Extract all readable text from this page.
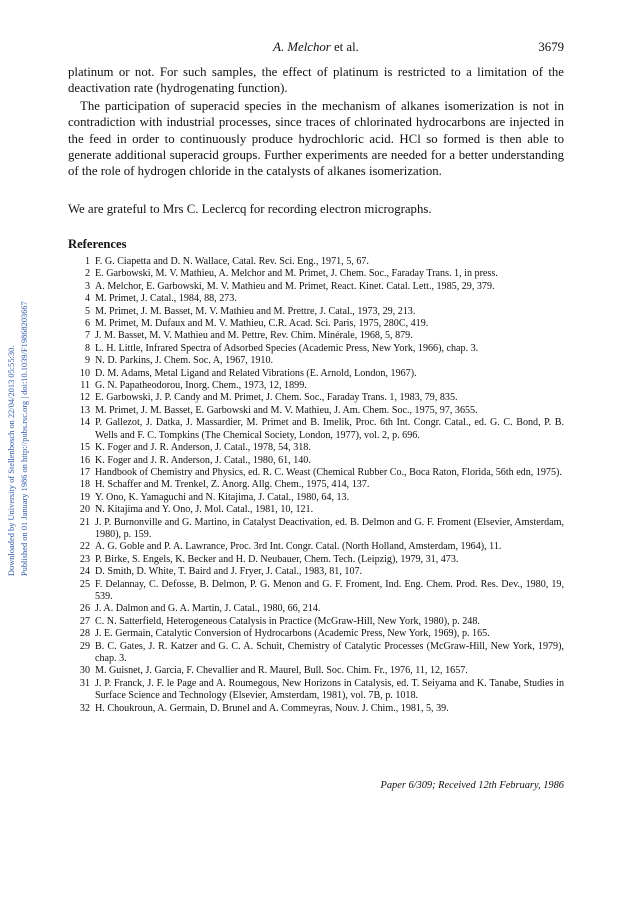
Downloaded by University of Stellenbosch on 22/04/2013 05:55:30. Published on 01 January 1986 on http://pubs.rsc.org | doi:10.1039/F19868203667
A. Melchor et al.	3679
platinum or not. For such samples, the effect of platinum is restricted to a limitation of the deactivation rate (hydrogenating function).
The participation of superacid species in the mechanism of alkanes isomerization is not in contradiction with industrial processes, since traces of chlorinated hydrocarbons are injected in the feed in order to continuously produce hydrochloric acid. HCl so formed is then able to generate additional superacid groups. Further experiments are needed for a better understanding of the role of hydrogen chloride in the catalysts of alkanes isomerization.
We are grateful to Mrs C. Leclercq for recording electron micrographs.
References
1 F. G. Ciapetta and D. N. Wallace, Catal. Rev. Sci. Eng., 1971, 5, 67.
2 E. Garbowski, M. V. Mathieu, A. Melchor and M. Primet, J. Chem. Soc., Faraday Trans. 1, in press.
3 A. Melchor, E. Garbowski, M. V. Mathieu and M. Primet, React. Kinet. Catal. Lett., 1985, 29, 379.
4 M. Primet, J. Catal., 1984, 88, 273.
5 M. Primet, J. M. Basset, M. V. Mathieu and M. Prettre, J. Catal., 1973, 29, 213.
6 M. Primet, M. Dufaux and M. V. Mathieu, C.R. Acad. Sci. Paris, 1975, 280C, 419.
7 J. M. Basset, M. V. Mathieu and M. Pettre, Rev. Chim. Minérale, 1968, 5, 879.
8 L. H. Little, Infrared Spectra of Adsorbed Species (Academic Press, New York, 1966), chap. 3.
9 N. D. Parkins, J. Chem. Soc. A, 1967, 1910.
10 D. M. Adams, Metal Ligand and Related Vibrations (E. Arnold, London, 1967).
11 G. N. Papatheodorou, Inorg. Chem., 1973, 12, 1899.
12 E. Garbowski, J. P. Candy and M. Primet, J. Chem. Soc., Faraday Trans. 1, 1983, 79, 835.
13 M. Primet, J. M. Basset, E. Garbowski and M. V. Mathieu, J. Am. Chem. Soc., 1975, 97, 3655.
14 P. Gallezot, J. Datka, J. Massardier, M. Primet and B. Imelik, Proc. 6th Int. Congr. Catal., ed. G. C. Bond, P. B. Wells and F. C. Tompkins (The Chemical Society, London, 1977), vol. 2, p. 696.
15 K. Foger and J. R. Anderson, J. Catal., 1978, 54, 318.
16 K. Foger and J. R. Anderson, J. Catal., 1980, 61, 140.
17 Handbook of Chemistry and Physics, ed. R. C. Weast (Chemical Rubber Co., Boca Raton, Florida, 56th edn, 1975).
18 H. Schaffer and M. Trenkel, Z. Anorg. Allg. Chem., 1975, 414, 137.
19 Y. Ono, K. Yamaguchi and N. Kitajima, J. Catal., 1980, 64, 13.
20 N. Kitajima and Y. Ono, J. Mol. Catal., 1981, 10, 121.
21 J. P. Burnonville and G. Martino, in Catalyst Deactivation, ed. B. Delmon and G. F. Froment (Elsevier, Amsterdam, 1980), p. 159.
22 A. G. Goble and P. A. Lawrance, Proc. 3rd Int. Congr. Catal. (North Holland, Amsterdam, 1964), 11.
23 P. Birke, S. Engels, K. Becker and H. D. Neubauer, Chem. Tech. (Leipzig), 1979, 31, 473.
24 D. Smith, D. White, T. Baird and J. Fryer, J. Catal., 1983, 81, 107.
25 F. Delannay, C. Defosse, B. Delmon, P. G. Menon and G. F. Froment, Ind. Eng. Chem. Prod. Res. Dev., 1980, 19, 539.
26 J. A. Dalmon and G. A. Martin, J. Catal., 1980, 66, 214.
27 C. N. Satterfield, Heterogeneous Catalysis in Practice (McGraw-Hill, New York, 1980), p. 248.
28 J. E. Germain, Catalytic Conversion of Hydrocarbons (Academic Press, New York, 1969), p. 165.
29 B. C. Gates, J. R. Katzer and G. C. A. Schuit, Chemistry of Catalytic Processes (McGraw-Hill, New York, 1979), chap. 3.
30 M. Guisnet, J. Garcia, F. Chevallier and R. Maurel, Bull. Soc. Chim. Fr., 1976, 11, 12, 1657.
31 J. P. Franck, J. F. le Page and A. Roumegous, New Horizons in Catalysis, ed. T. Seiyama and K. Tanabe, Studies in Surface Science and Technology (Elsevier, Amsterdam, 1981), vol. 7B, p. 1018.
32 H. Choukroun, A. Germain, D. Brunel and A. Commeyras, Nouv. J. Chim., 1981, 5, 39.
Paper 6/309; Received 12th February, 1986
